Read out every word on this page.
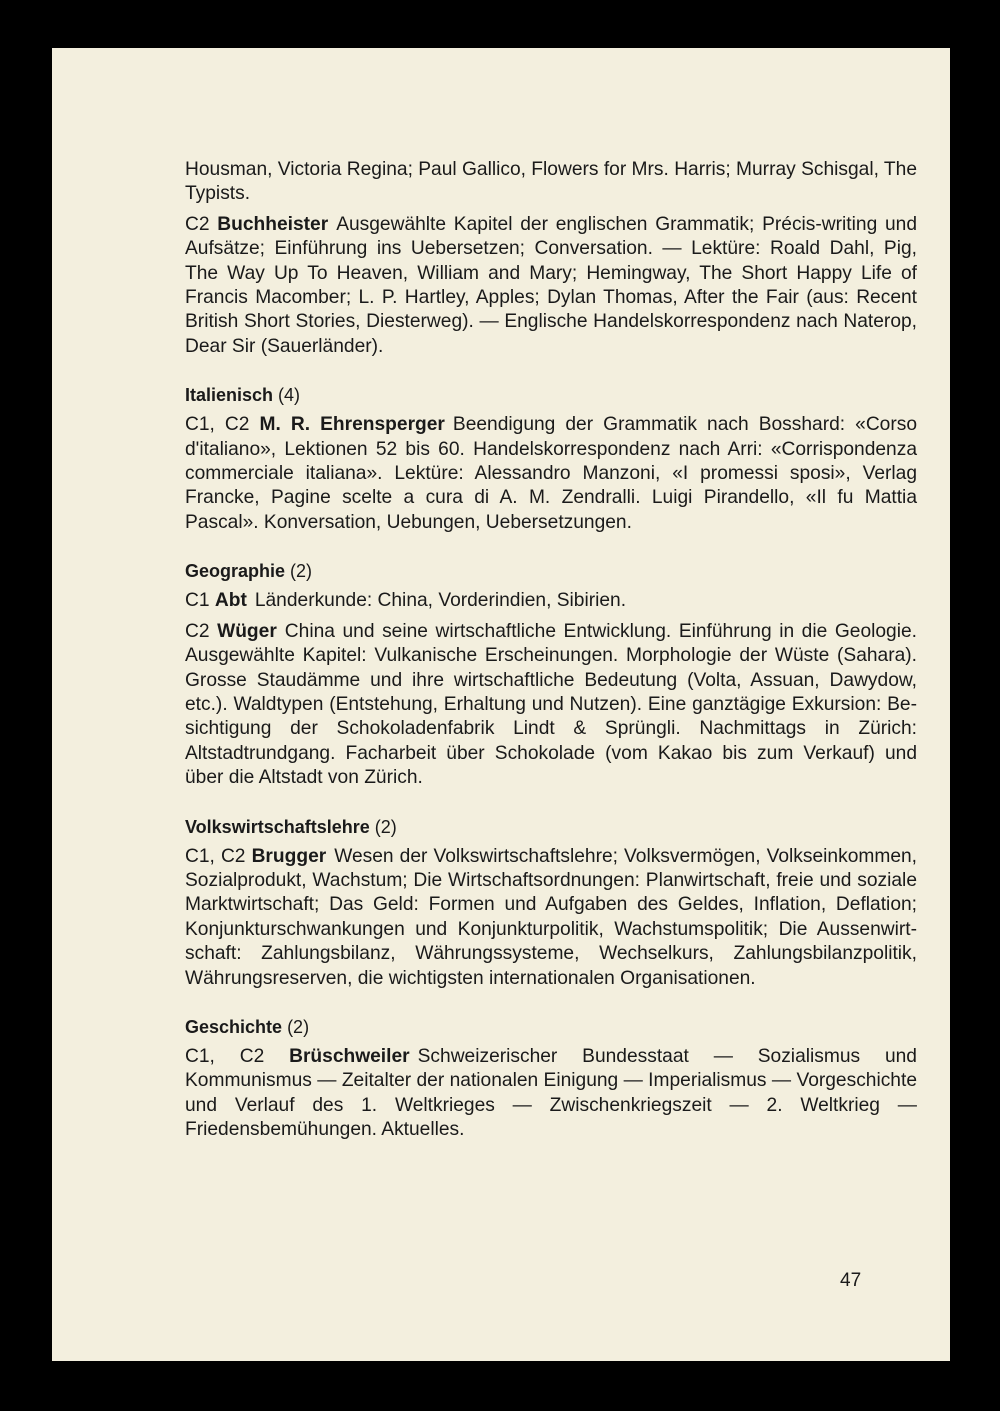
Housman, Victoria Regina; Paul Gallico, Flowers for Mrs. Harris; Murray Schisgal, The Typists.

C2 Buchheister Ausgewählte Kapitel der englischen Grammatik; Précis-writing und Aufsätze; Einführung ins Uebersetzen; Conversation. — Lektüre: Roald Dahl, Pig, The Way Up To Heaven, William and Mary; Hemingway, The Short Happy Life of Francis Macomber; L. P. Hartley, Apples; Dylan Thomas, After the Fair (aus: Recent British Short Stories, Diesterweg). — Englische Handelskorrespondenz nach Naterop, Dear Sir (Sauerländer).

Italienisch (4)

C1, C2 M. R. Ehrensperger Beendigung der Grammatik nach Bosshard: «Corso d'italiano», Lektionen 52 bis 60. Handelskorrespondenz nach Arri: «Corrispondenza commerciale italiana». Lektüre: Alessandro Manzoni, «I promessi sposi», Verlag Francke, Pagine scelte a cura di A. M. Zendralli. Luigi Pirandello, «Il fu Mattia Pascal». Konversation, Uebungen, Uebersetzungen.

Geographie (2)

C1 Abt Länderkunde: China, Vorderindien, Sibirien.

C2 Wüger China und seine wirtschaftliche Entwicklung. Einführung in die Geologie. Ausgewählte Kapitel: Vulkanische Erscheinungen. Morphologie der Wüste (Sahara). Grosse Staudämme und ihre wirtschaftliche Bedeutung (Volta, Assuan, Dawydow, etc.). Waldtypen (Entstehung, Erhaltung und Nutzen). Eine ganztägige Exkursion: Besichtigung der Schokoladenfabrik Lindt & Sprüngli. Nachmittags in Zürich: Altstadtrundgang. Facharbeit über Schokolade (vom Kakao bis zum Verkauf) und über die Altstadt von Zürich.

Volkswirtschaftslehre (2)

C1, C2 Brugger Wesen der Volkswirtschaftslehre; Volksvermögen, Volkseinkommen, Sozialprodukt, Wachstum; Die Wirtschaftsordnungen: Planwirtschaft, freie und soziale Marktwirtschaft; Das Geld: Formen und Aufgaben des Geldes, Inflation, Deflation; Konjunkturschwankungen und Konjunkturpolitik, Wachstumspolitik; Die Aussenwirtschaft: Zahlungsbilanz, Währungssysteme, Wechselkurs, Zahlungsbilanzpolitik, Währungsreserven, die wichtigsten internationalen Organisationen.

Geschichte (2)

C1, C2 Brüschweiler Schweizerischer Bundesstaat — Sozialismus und Kommunismus — Zeitalter der nationalen Einigung — Imperialismus — Vorgeschichte und Verlauf des 1. Weltkrieges — Zwischenkriegszeit — 2. Weltkrieg — Friedensbemühungen. Aktuelles.

47
